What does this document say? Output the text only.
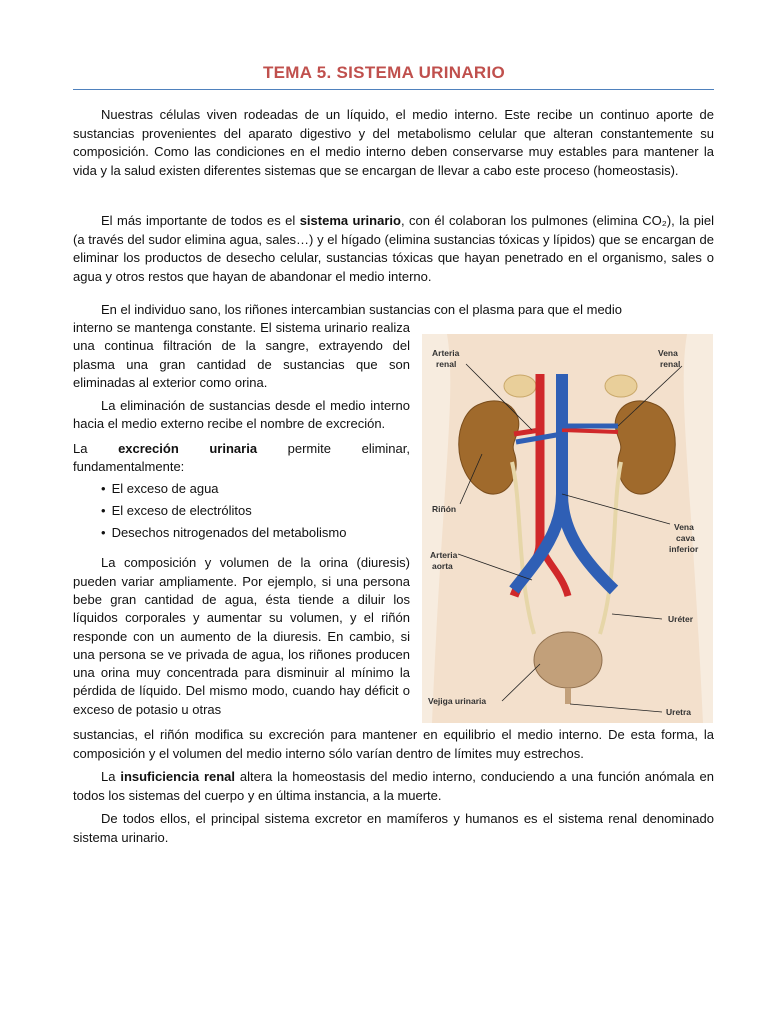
TEMA 5. SISTEMA URINARIO

Nuestras células viven rodeadas de un líquido, el medio interno. Este recibe un continuo aporte de sustancias provenientes del aparato digestivo y del metabolismo celular que alteran constantemente su composición. Como las condiciones en el medio interno deben conservarse muy estables para mantener la vida y la salud existen diferentes sistemas que se encargan de llevar a cabo este proceso (homeostasis).

El más importante de todos es el sistema urinario, con él colaboran los pulmones (elimina CO₂), la piel (a través del sudor elimina agua, sales…) y el hígado (elimina sustancias tóxicas y lípidos) que se encargan de eliminar los productos de desecho celular, sustancias tóxicas que hayan penetrado en el organismo, sales o agua y otros restos que hayan de abandonar el medio interno.

En el individuo sano, los riñones intercambian sustancias con el plasma para que el medio

interno se mantenga constante. El sistema urinario realiza una continua filtración de la sangre, extrayendo del plasma una gran cantidad de sustancias que son eliminadas al exterior como orina.

La eliminación de sustancias desde el medio interno hacia el medio externo recibe el nombre de excreción.

La excreción urinaria permite eliminar, fundamentalmente:

• El exceso de agua
• El exceso de electrólitos
• Desechos nitrogenados del metabolismo

La composición y volumen de la orina (diuresis) pueden variar ampliamente. Por ejemplo, si una persona bebe gran cantidad de agua, ésta tiende a diluir los líquidos corporales y aumentar su volumen, y el riñón responde con un aumento de la diuresis. En cambio, si una persona se ve privada de agua, los riñones producen una orina muy concentrada para disminuir al mínimo la pérdida de líquido. Del mismo modo, cuando hay déficit o exceso de potasio u otras

sustancias, el riñón modifica su excreción para mantener en equilibrio el medio interno. De esta forma, la composición y el volumen del medio interno sólo varían dentro de límites muy estrechos.

La insuficiencia renal altera la homeostasis del medio interno, conduciendo a una función anómala en todos los sistemas del cuerpo y en última instancia, a la muerte.

De todos ellos, el principal sistema excretor en mamíferos y humanos es el sistema renal denominado sistema urinario.

Arteria
renal
Vena
renal
Riñón
Vena
cava
inferior
Arteria
aorta
Uréter
Vejiga urinaria
Uretra
